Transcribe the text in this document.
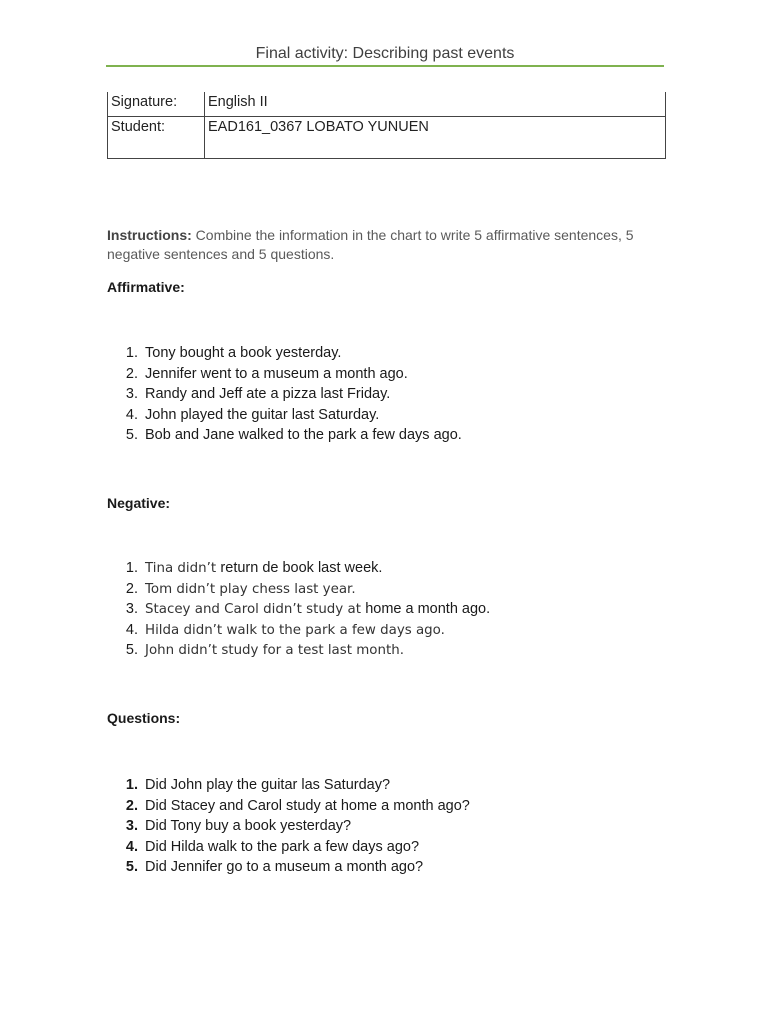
Final activity: Describing past events
Signature:	English II
Student:	EAD161_0367 LOBATO YUNUEN
Instructions: Combine the information in the chart to write 5 affirmative sentences, 5 negative sentences and 5 questions.
Affirmative:
1. Tony bought a book yesterday.
2. Jennifer went to a museum a month ago.
3. Randy and Jeff ate a pizza last Friday.
4. John played the guitar last Saturday.
5. Bob and Jane walked to the park a few days ago.
Negative:
1. Tina didn’t return de book last week.
2. Tom didn’t play chess last year.
3. Stacey and Carol didn’t study at home a month ago.
4. Hilda didn’t walk to the park a few days ago.
5. John didn’t study for a test last month.
Questions:
1. Did John play the guitar las Saturday?
2. Did Stacey and Carol study at home a month ago?
3. Did Tony buy a book yesterday?
4. Did Hilda walk to the park a few days ago?
5. Did Jennifer go to a museum a month ago?
